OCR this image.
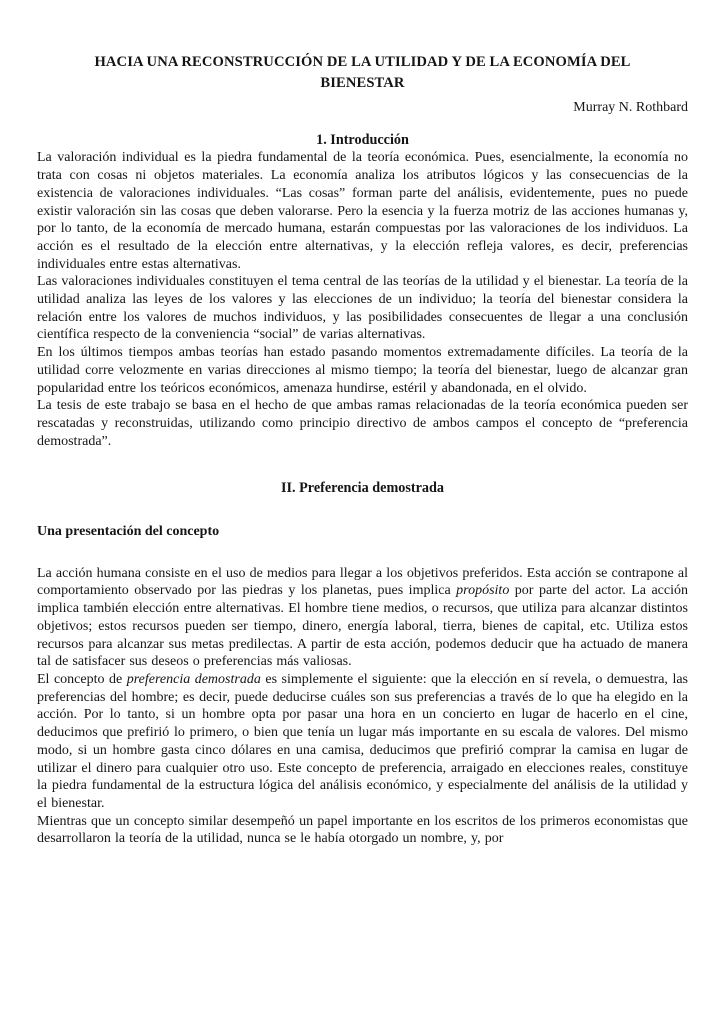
HACIA UNA RECONSTRUCCIÓN DE LA UTILIDAD Y DE LA ECONOMÍA DEL BIENESTAR
Murray N. Rothbard
1. Introducción

La valoración individual es la piedra fundamental de la teoría económica. Pues, esencialmente, la economía no trata con cosas ni objetos materiales. La economía analiza los atributos lógicos y las consecuencias de la existencia de valoraciones individuales. “Las cosas” forman parte del análisis, evidentemente, pues no puede existir valoración sin las cosas que deben valorarse. Pero la esencia y la fuerza motriz de las acciones humanas y, por lo tanto, de la economía de mercado humana, estarán compuestas por las valoraciones de los individuos. La acción es el resultado de la elección entre alternativas, y la elección refleja valores, es decir, preferencias individuales entre estas alternativas.

Las valoraciones individuales constituyen el tema central de las teorías de la utilidad y el bienestar. La teoría de la utilidad analiza las leyes de los valores y las elecciones de un individuo; la teoría del bienestar considera la relación entre los valores de muchos individuos, y las posibilidades consecuentes de llegar a una conclusión científica respecto de la conveniencia “social” de varias alternativas.

En los últimos tiempos ambas teorías han estado pasando momentos extremadamente difíciles. La teoría de la utilidad corre velozmente en varias direcciones al mismo tiempo; la teoría del bienestar, luego de alcanzar gran popularidad entre los teóricos económicos, amenaza hundirse, estéril y abandonada, en el olvido.

La tesis de este trabajo se basa en el hecho de que ambas ramas relacionadas de la teoría económica pueden ser rescatadas y reconstruidas, utilizando como principio directivo de ambos campos el concepto de “preferencia demostrada”.

II. Preferencia demostrada
Una presentación del concepto

La acción humana consiste en el uso de medios para llegar a los objetivos preferidos. Esta acción se contrapone al comportamiento observado por las piedras y los planetas, pues implica propósito por parte del actor. La acción implica también elección entre alternativas. El hombre tiene medios, o recursos, que utiliza para alcanzar distintos objetivos; estos recursos pueden ser tiempo, dinero, energía laboral, tierra, bienes de capital, etc. Utiliza estos recursos para alcanzar sus metas predilectas. A partir de esta acción, podemos deducir que ha actuado de manera tal de satisfacer sus deseos o preferencias más valiosas.

El concepto de preferencia demostrada es simplemente el siguiente: que la elección en sí revela, o demuestra, las preferencias del hombre; es decir, puede deducirse cuáles son sus preferencias a través de lo que ha elegido en la acción. Por lo tanto, si un hombre opta por pasar una hora en un concierto en lugar de hacerlo en el cine, deducimos que prefirió lo primero, o bien que tenía un lugar más importante en su escala de valores. Del mismo modo, si un hombre gasta cinco dólares en una camisa, deducimos que prefirió comprar la camisa en lugar de utilizar el dinero para cualquier otro uso. Este concepto de preferencia, arraigado en elecciones reales, constituye la piedra fundamental de la estructura lógica del análisis económico, y especialmente del análisis de la utilidad y el bienestar.

Mientras que un concepto similar desempeñó un papel importante en los escritos de los primeros economistas que desarrollaron la teoría de la utilidad, nunca se le había otorgado un nombre, y, por
